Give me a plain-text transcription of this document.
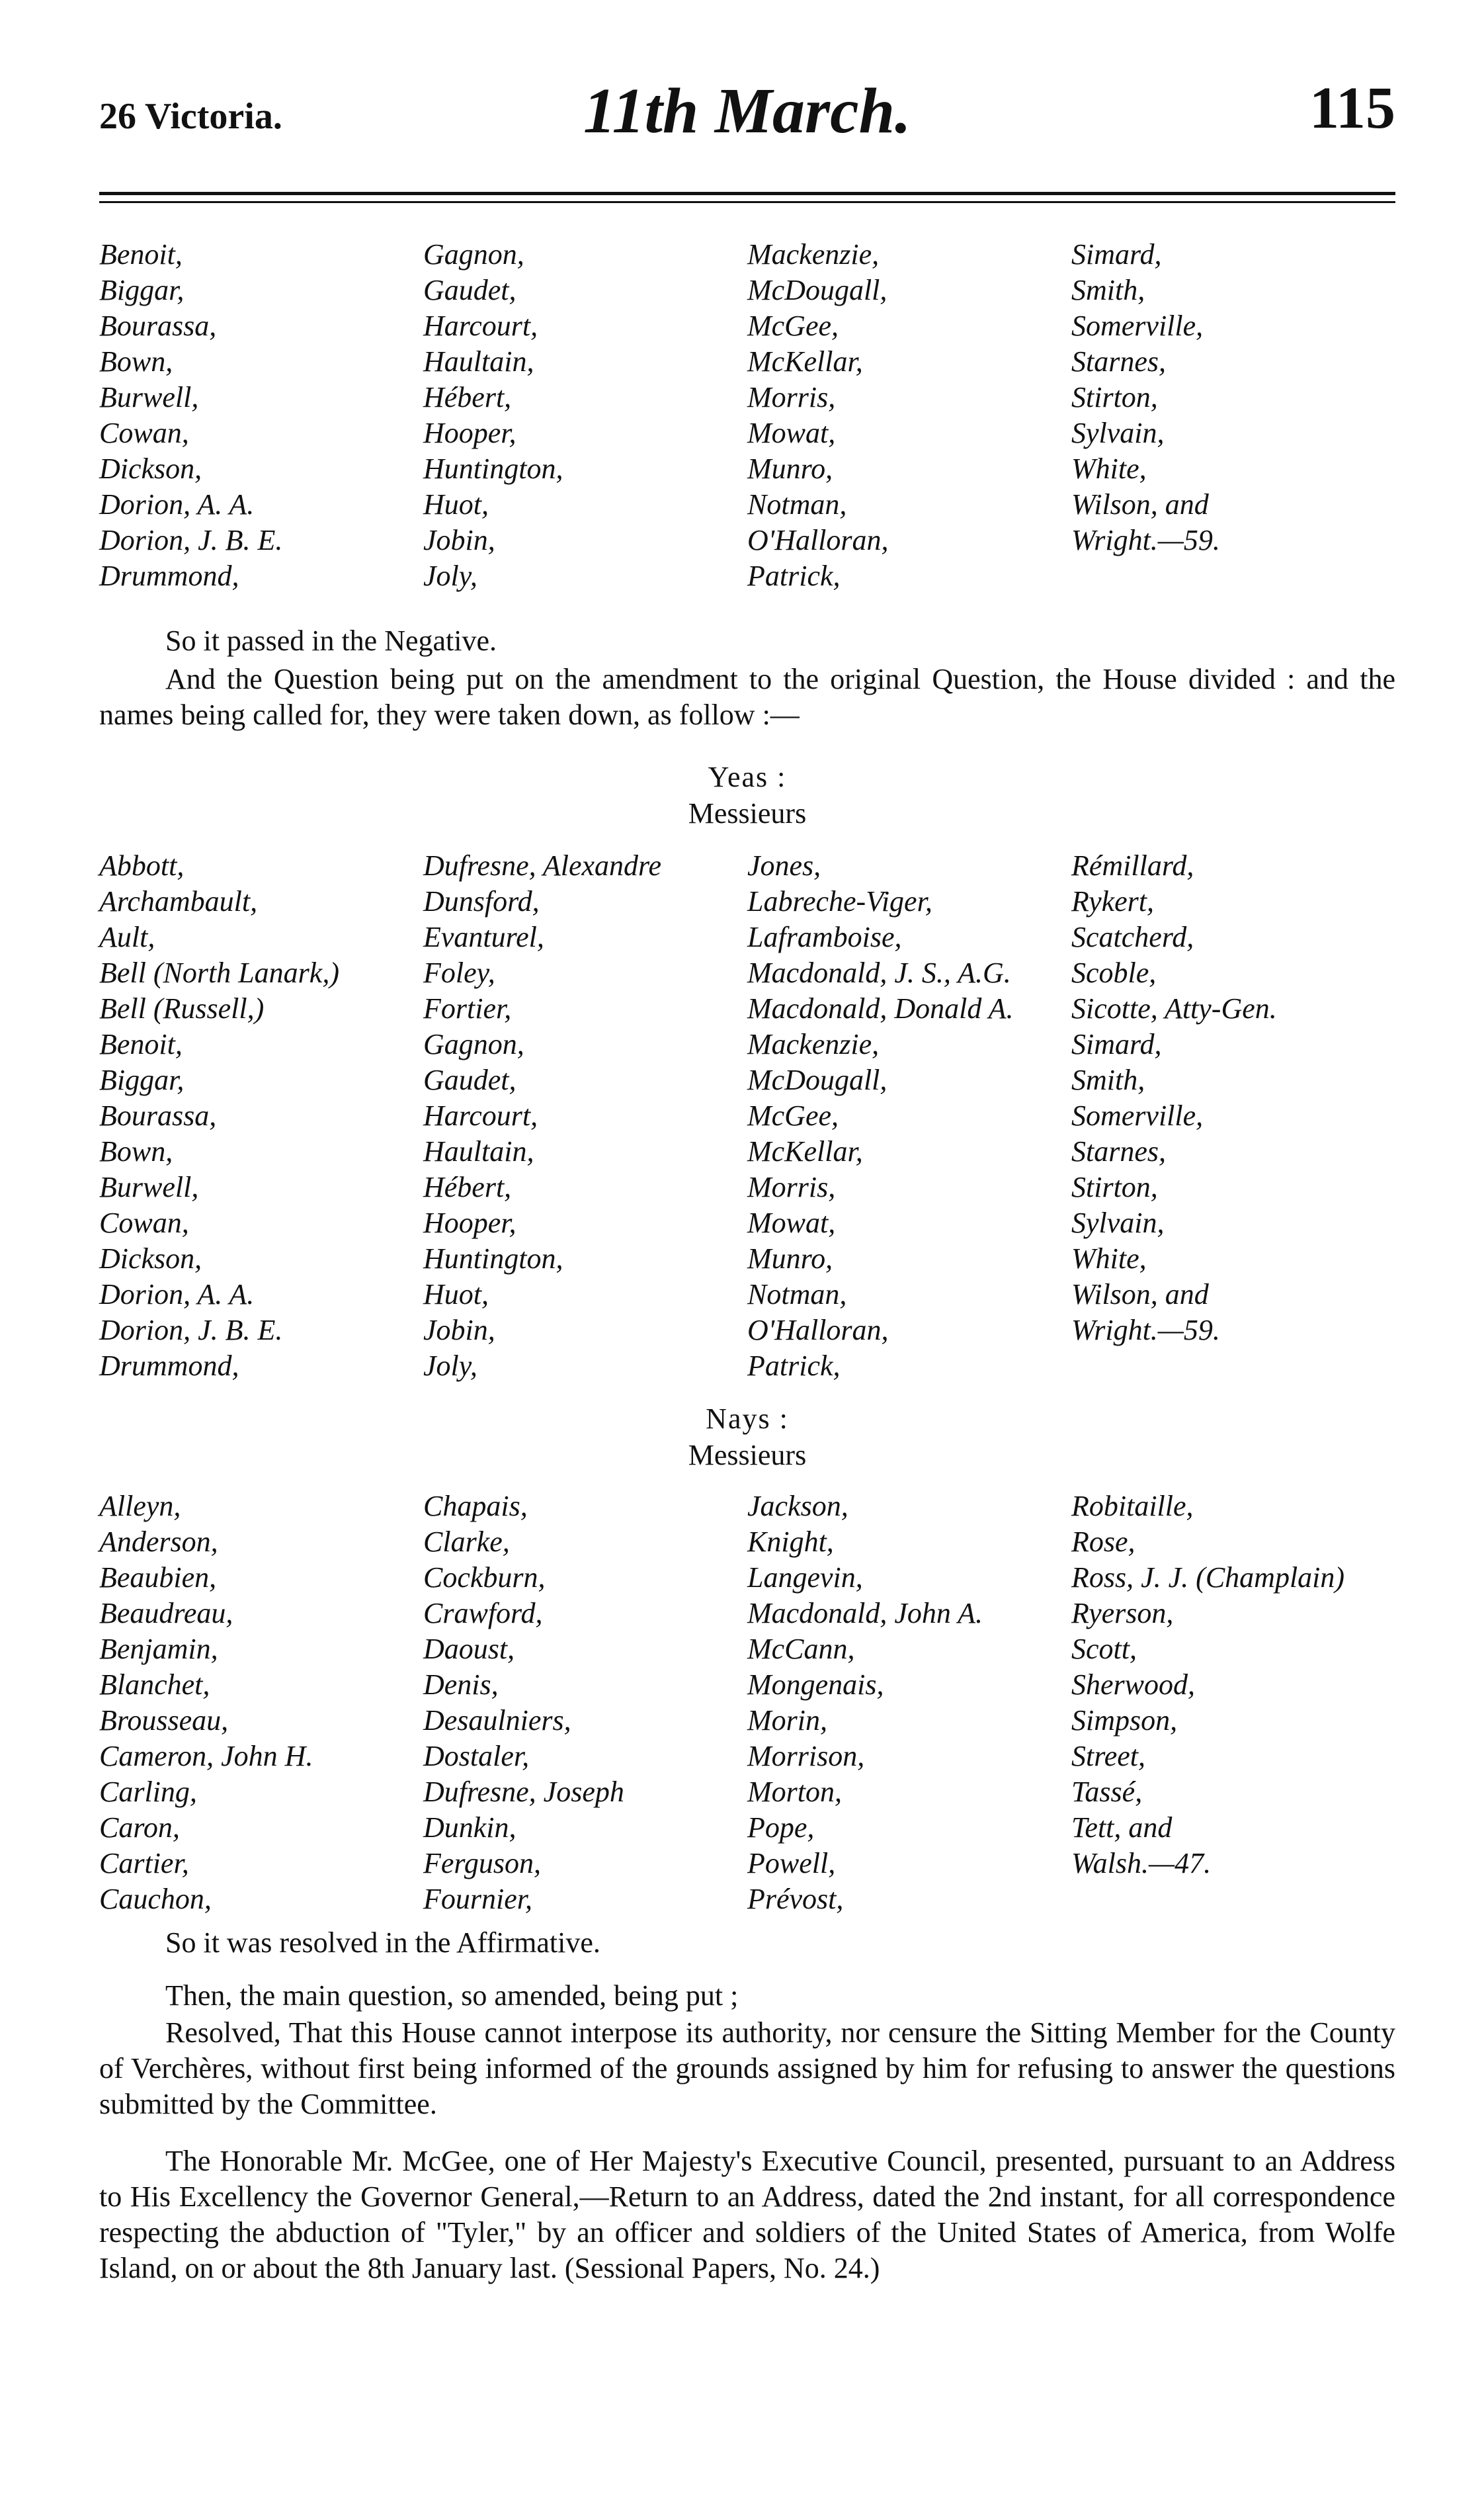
26 Victoria.	11th March.	115
Benoit,
Biggar,
Bourassa,
Bown,
Burwell,
Cowan,
Dickson,
Dorion, A. A.
Dorion, J. B. E.
Drummond,
Gagnon,
Gaudet,
Harcourt,
Haultain,
Hébert,
Hooper,
Huntington,
Huot,
Jobin,
Joly,
Mackenzie,
McDougall,
McGee,
McKellar,
Morris,
Mowat,
Munro,
Notman,
O'Halloran,
Patrick,
Simard,
Smith,
Somerville,
Starnes,
Stirton,
Sylvain,
White,
Wilson, and
Wright.—59.
So it passed in the Negative.
And the Question being put on the amendment to the original Question, the House divided : and the names being called for, they were taken down, as follow :—
Yeas :
Messieurs
Abbott,
Archambault,
Ault,
Bell (North Lanark,)
Bell (Russell,)
Benoit,
Biggar,
Bourassa,
Bown,
Burwell,
Cowan,
Dickson,
Dorion, A. A.
Dorion, J. B. E.
Drummond,
Dufresne, Alexandre
Dunsford,
Evanturel,
Foley,
Fortier,
Gagnon,
Gaudet,
Harcourt,
Haultain,
Hébert,
Hooper,
Huntington,
Huot,
Jobin,
Joly,
Jones,
Labreche-Viger,
Laframboise,
Macdonald, J. S., A.G.
Macdonald, Donald A.
Mackenzie,
McDougall,
McGee,
McKellar,
Morris,
Mowat,
Munro,
Notman,
O'Halloran,
Patrick,
Rémillard,
Rykert,
Scatcherd,
Scoble,
Sicotte, Atty-Gen.
Simard,
Smith,
Somerville,
Starnes,
Stirton,
Sylvain,
White,
Wilson, and
Wright.—59.
Nays :
Messieurs
Alleyn,
Anderson,
Beaubien,
Beaudreau,
Benjamin,
Blanchet,
Brousseau,
Cameron, John H.
Carling,
Caron,
Cartier,
Cauchon,
Chapais,
Clarke,
Cockburn,
Crawford,
Daoust,
Denis,
Desaulniers,
Dostaler,
Dufresne, Joseph
Dunkin,
Ferguson,
Fournier,
Jackson,
Knight,
Langevin,
Macdonald, John A.
McCann,
Mongenais,
Morin,
Morrison,
Morton,
Pope,
Powell,
Prévost,
Robitaille,
Rose,
Ross, J. J. (Champlain)
Ryerson,
Scott,
Sherwood,
Simpson,
Street,
Tassé,
Tett, and
Walsh.—47.
So it was resolved in the Affirmative.
Then, the main question, so amended, being put ;
Resolved, That this House cannot interpose its authority, nor censure the Sitting Member for the County of Verchères, without first being informed of the grounds assigned by him for refusing to answer the questions submitted by the Committee.
The Honorable Mr. McGee, one of Her Majesty's Executive Council, presented, pursuant to an Address to His Excellency the Governor General,—Return to an Address, dated the 2nd instant, for all correspondence respecting the abduction of "Tyler," by an officer and soldiers of the United States of America, from Wolfe Island, on or about the 8th January last. (Sessional Papers, No. 24.)
